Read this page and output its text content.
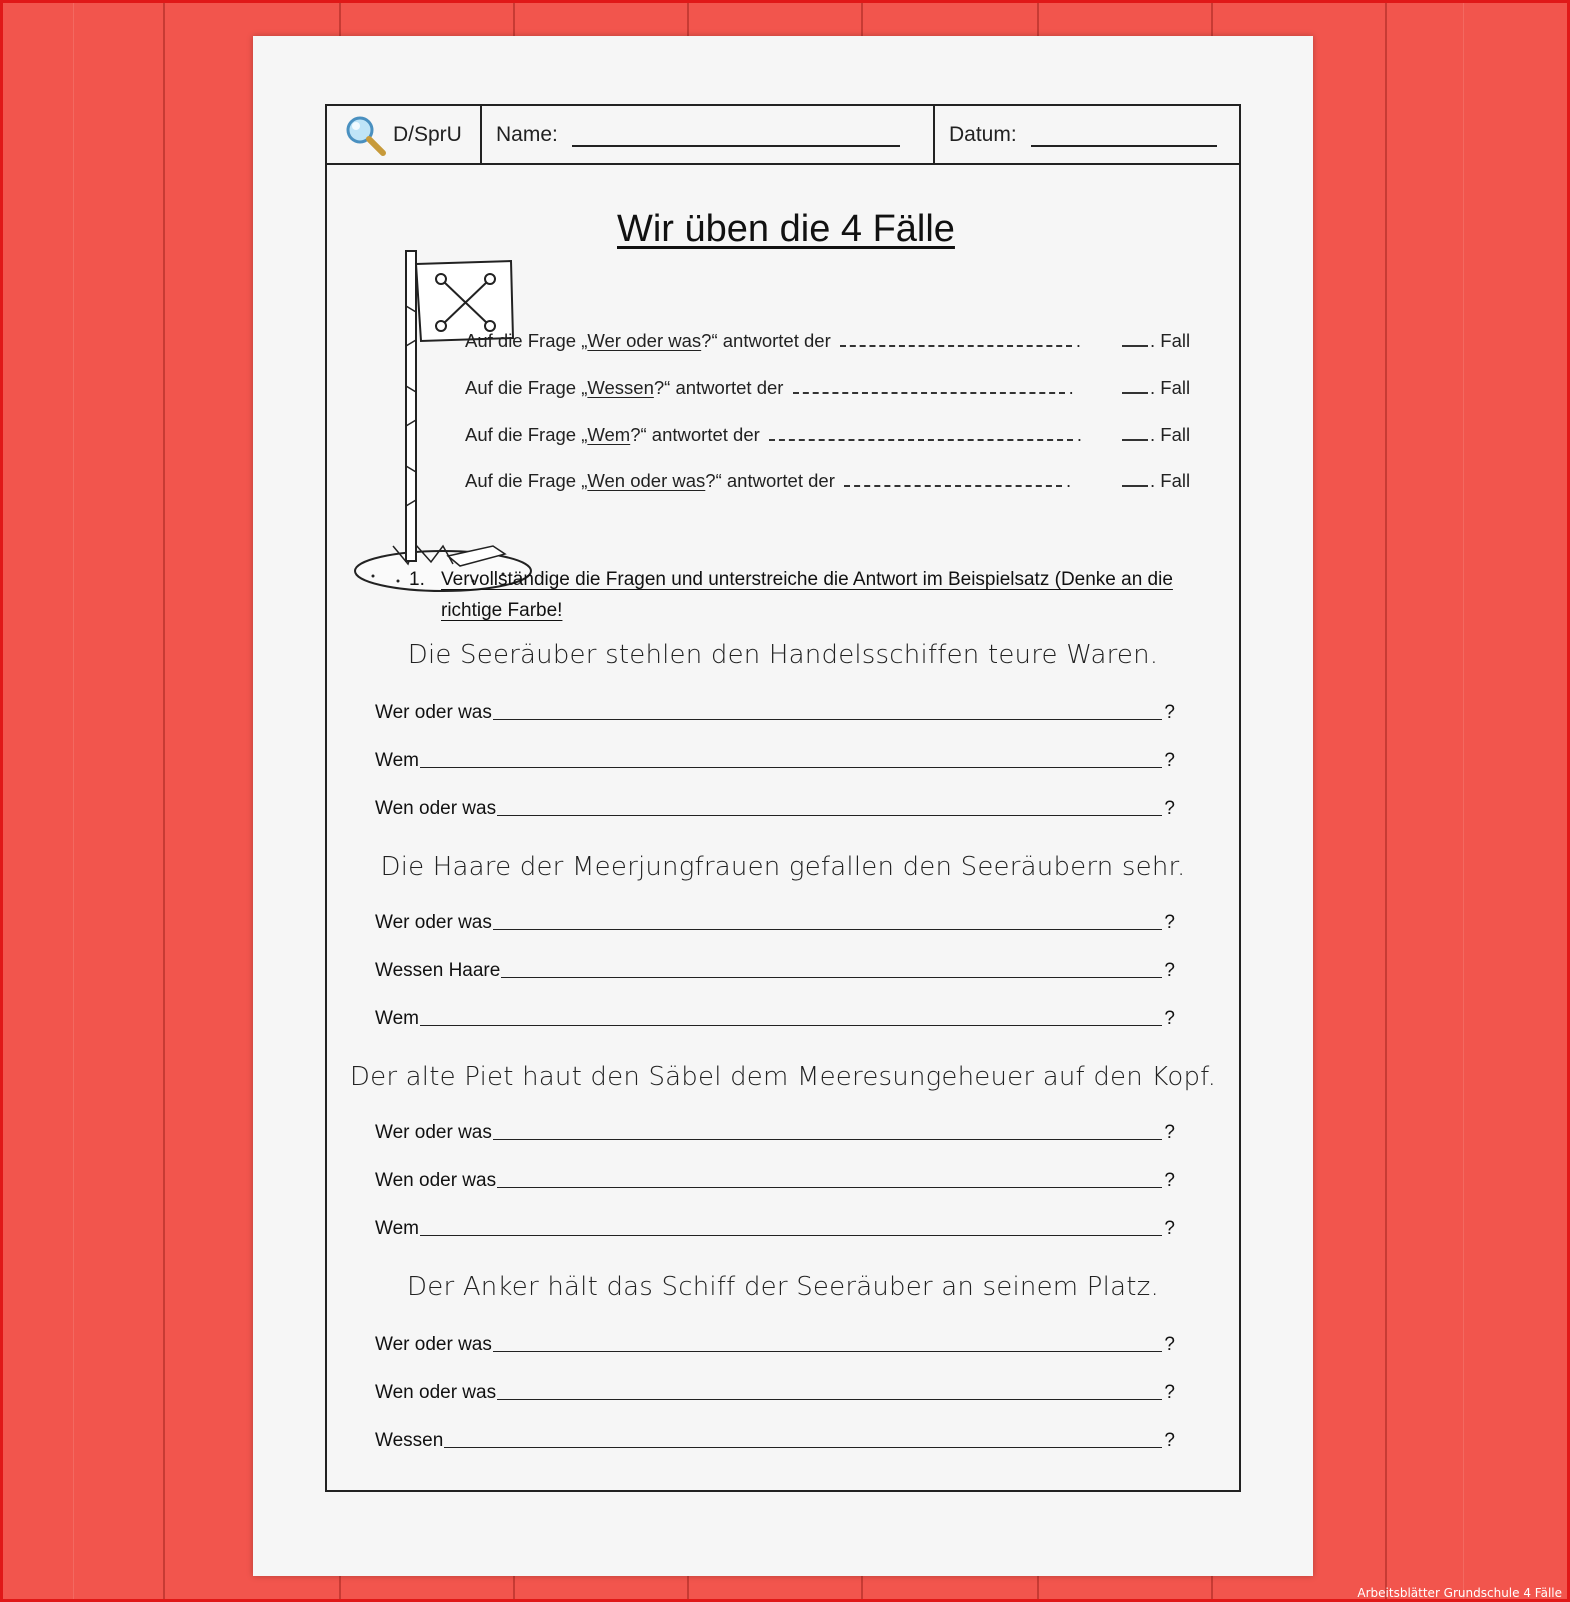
D/SprU Name:	Datum:
Wir üben die 4 Fälle
Auf die Frage „Wer oder was?“ antwortet der	.	. Fall
Auf die Frage „Wessen?“ antwortet der	.	. Fall
Auf die Frage „Wem?“ antwortet der	.	. Fall
Auf die Frage „Wen oder was?“ antwortet der	.	. Fall
1. Vervollständige die Fragen und unterstreiche die Antwort im Beispielsatz (Denke an die richtige Farbe!
Die Seeräuber stehlen den Handelsschiffen teure Waren.
Wer oder was	?
Wem	?
Wen oder was	?
Die Haare der Meerjungfrauen gefallen den Seeräubern sehr.
Wer oder was	?
Wessen Haare	?
Wem	?
Der alte Piet haut den Säbel dem Meeresungeheuer auf den Kopf.
Wer oder was	?
Wen oder was	?
Wem	?
Der Anker hält das Schiff der Seeräuber an seinem Platz.
Wer oder was	?
Wen oder was	?
Wessen	?
Arbeitsblätter Grundschule 4 Fälle
